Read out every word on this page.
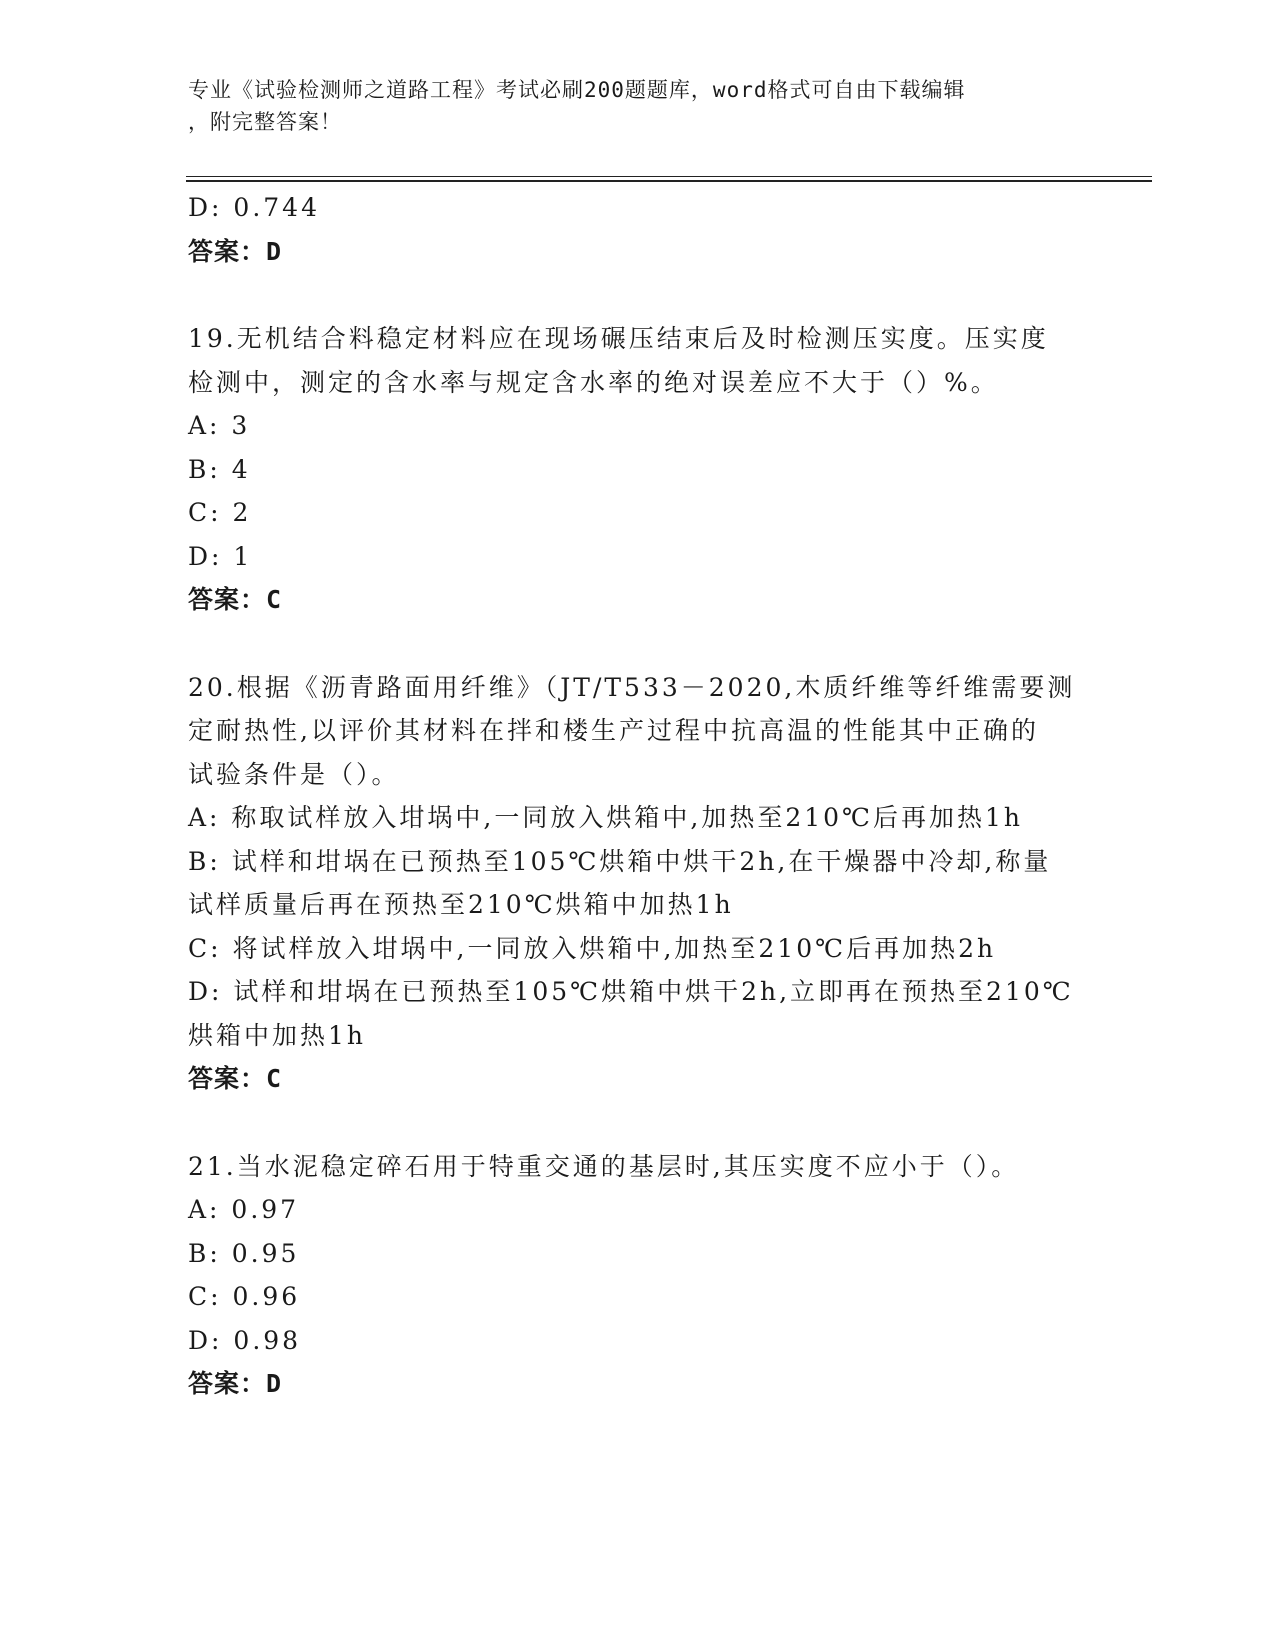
专业《试验检测师之道路工程》考试必刷200题题库，word格式可自由下载编辑
，附完整答案！
D: 0.744
答案：D
19.无机结合料稳定材料应在现场碾压结束后及时检测压实度。压实度
检测中，测定的含水率与规定含水率的绝对误差应不大于（）%。
A: 3
B: 4
C: 2
D: 1
答案：C
20.根据《沥青路面用纤维》（JT/T533－2020,木质纤维等纤维需要测
定耐热性,以评价其材料在拌和楼生产过程中抗高温的性能其中正确的
试验条件是（）。
A: 称取试样放入坩埚中,一同放入烘箱中,加热至210℃后再加热1h
B: 试样和坩埚在已预热至105℃烘箱中烘干2h,在干燥器中冷却,称量
试样质量后再在预热至210℃烘箱中加热1h
C: 将试样放入坩埚中,一同放入烘箱中,加热至210℃后再加热2h
D: 试样和坩埚在已预热至105℃烘箱中烘干2h,立即再在预热至210℃
烘箱中加热1h
答案：C
21.当水泥稳定碎石用于特重交通的基层时,其压实度不应小于（）。
A: 0.97
B: 0.95
C: 0.96
D: 0.98
答案：D
